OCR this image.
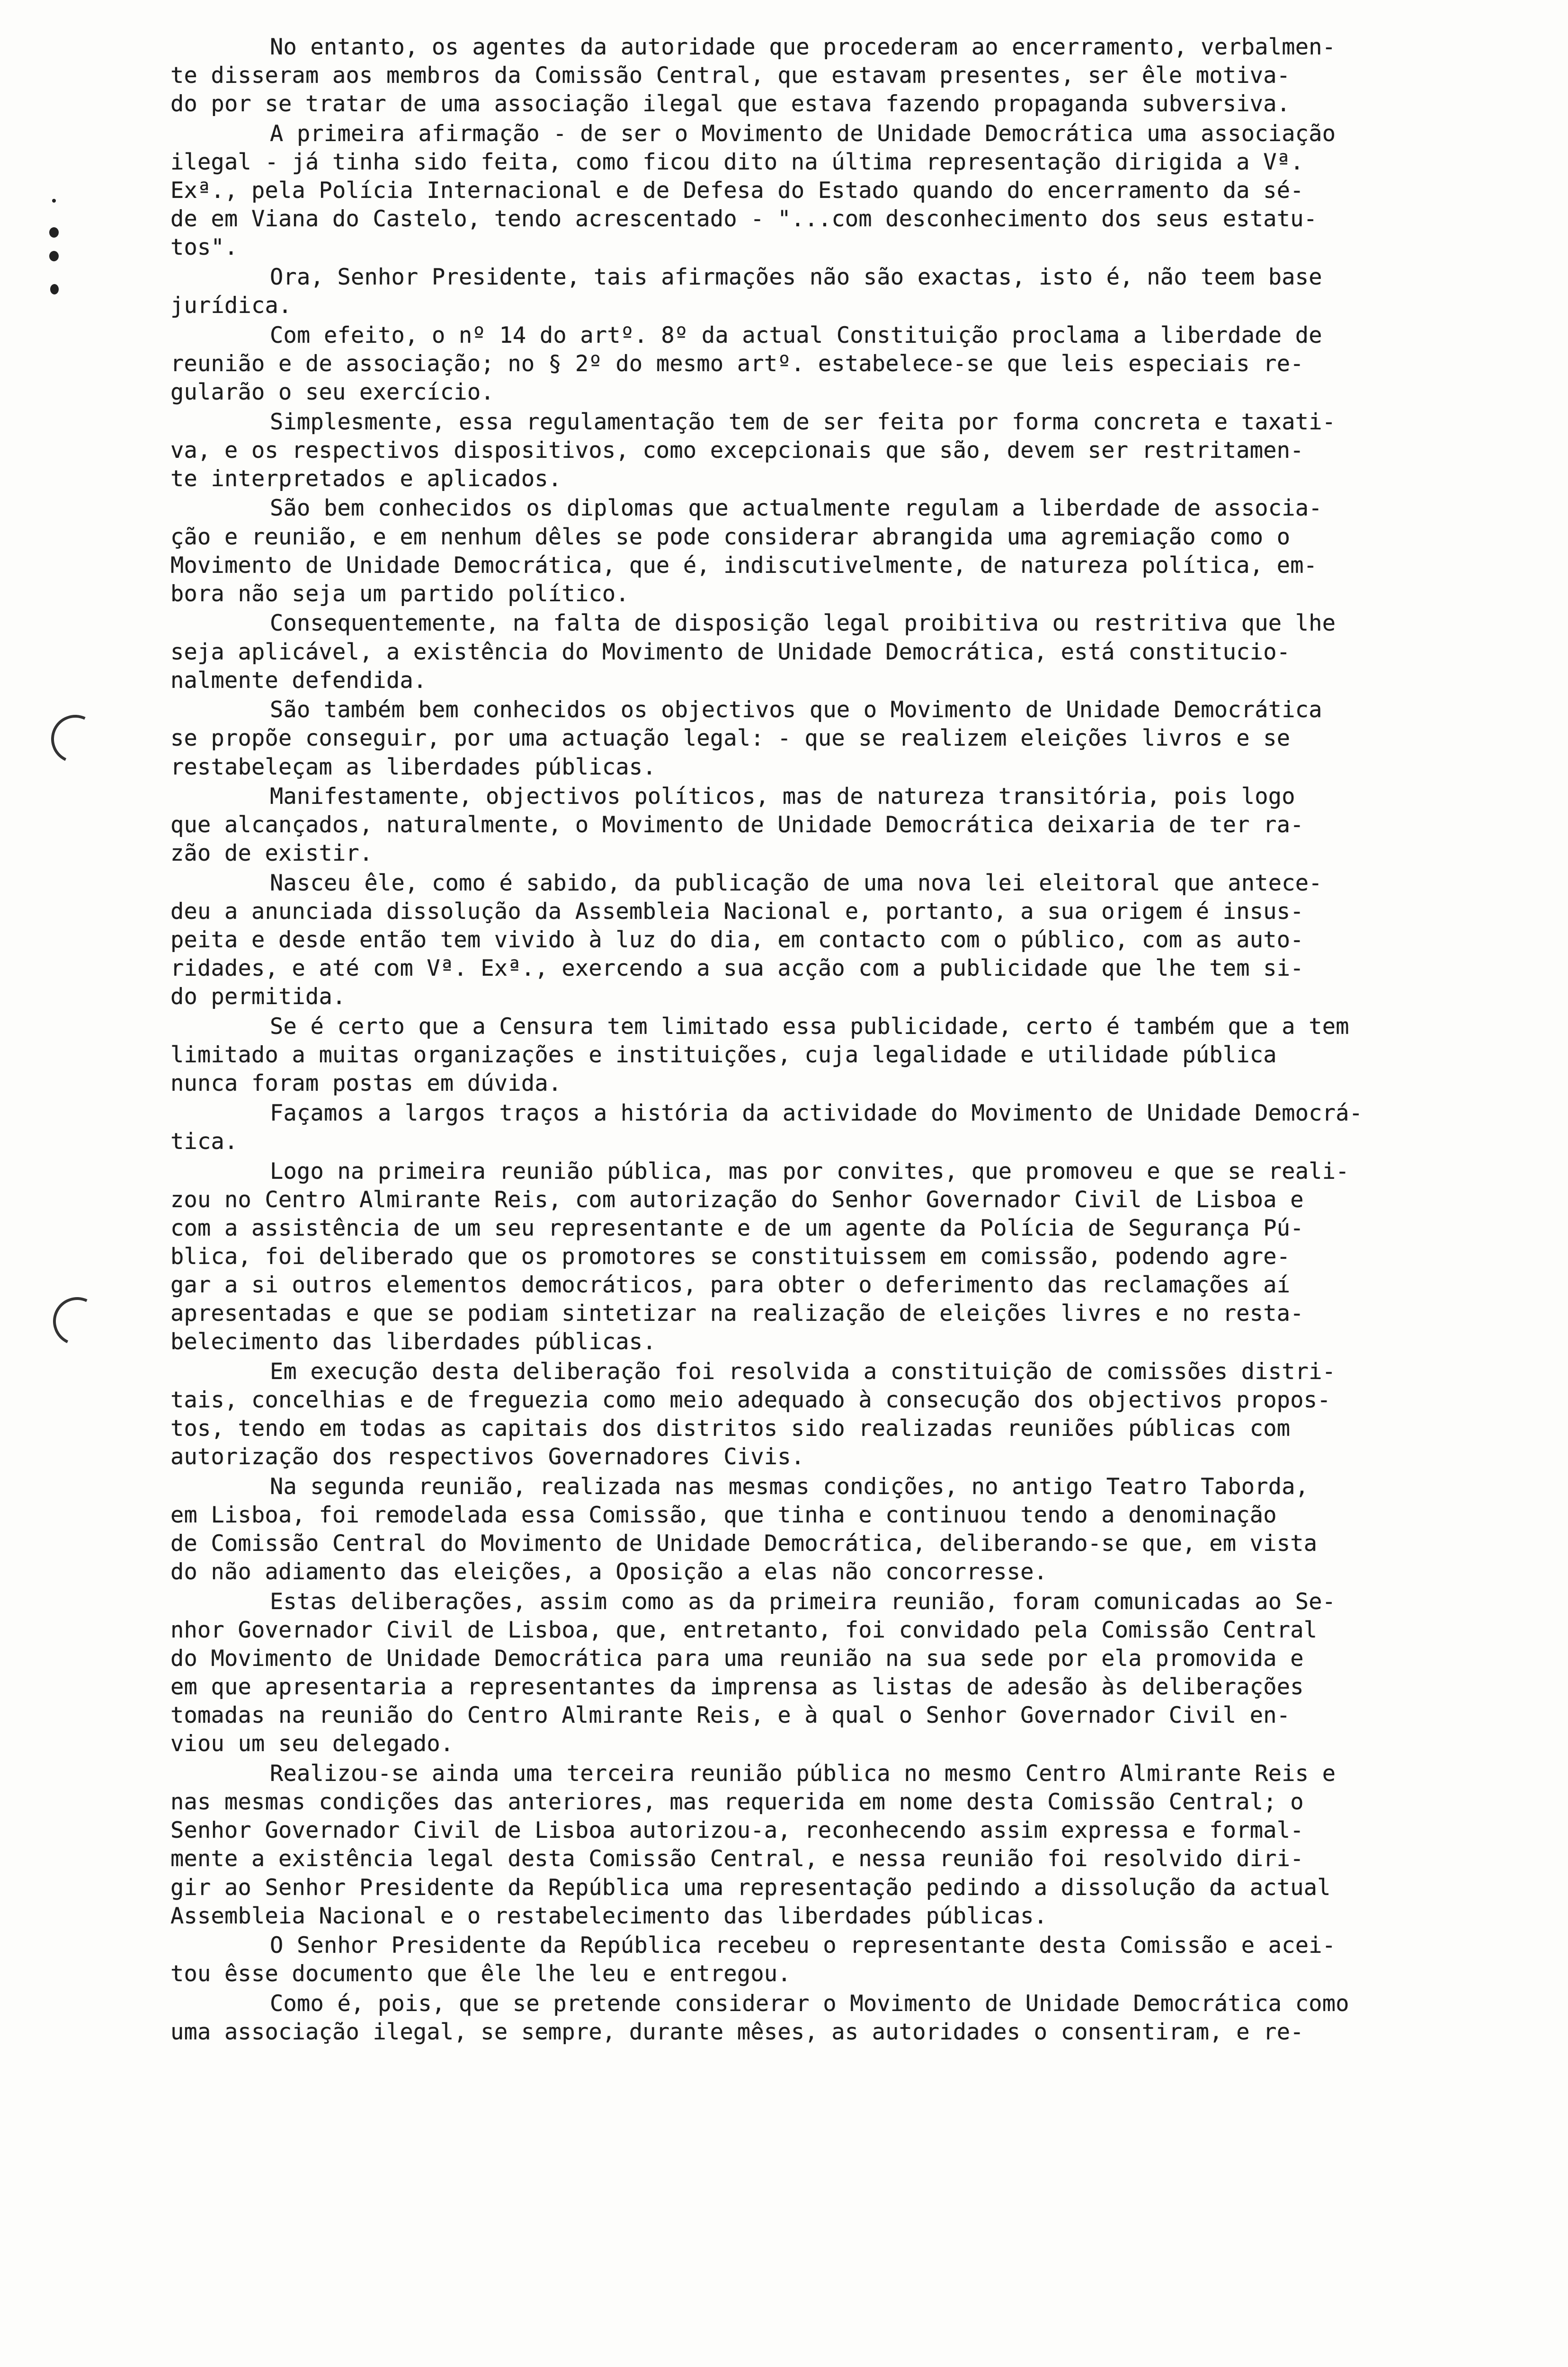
No entanto, os agentes da autoridade que procederam ao encerramento, verbalmen-
te disseram aos membros da Comissão Central, que estavam presentes, ser êle motiva-
do por se tratar de uma associação ilegal que estava fazendo propaganda subversiva.
A primeira afirmação - de ser o Movimento de Unidade Democrática uma associação
ilegal - já tinha sido feita, como ficou dito na última representação dirigida a Vª.
Exª., pela Polícia Internacional e de Defesa do Estado quando do encerramento da sé-
de em Viana do Castelo, tendo acrescentado - "...com desconhecimento dos seus estatu-
tos".
Ora, Senhor Presidente, tais afirmações não são exactas, isto é, não teem base
jurídica.
Com efeito, o nº 14 do artº. 8º da actual Constituição proclama a liberdade de
reunião e de associação; no § 2º do mesmo artº. estabelece-se que leis especiais re-
gularão o seu exercício.
Simplesmente, essa regulamentação tem de ser feita por forma concreta e taxati-
va, e os respectivos dispositivos, como excepcionais que são, devem ser restritamen-
te interpretados e aplicados.
São bem conhecidos os diplomas que actualmente regulam a liberdade de associa-
ção e reunião, e em nenhum dêles se pode considerar abrangida uma agremiação como o
Movimento de Unidade Democrática, que é, indiscutivelmente, de natureza política, em-
bora não seja um partido político.
Consequentemente, na falta de disposição legal proibitiva ou restritiva que lhe
seja aplicável, a existência do Movimento de Unidade Democrática, está constitucio-
nalmente defendida.
São também bem conhecidos os objectivos que o Movimento de Unidade Democrática
se propõe conseguir, por uma actuação legal: - que se realizem eleições livros e se
restabeleçam as liberdades públicas.
Manifestamente, objectivos políticos, mas de natureza transitória, pois logo
que alcançados, naturalmente, o Movimento de Unidade Democrática deixaria de ter ra-
zão de existir.
Nasceu êle, como é sabido, da publicação de uma nova lei eleitoral que antece-
deu a anunciada dissolução da Assembleia Nacional e, portanto, a sua origem é insus-
peita e desde então tem vivido à luz do dia, em contacto com o público, com as auto-
ridades, e até com Vª. Exª., exercendo a sua acção com a publicidade que lhe tem si-
do permitida.
Se é certo que a Censura tem limitado essa publicidade, certo é também que a tem
limitado a muitas organizações e instituições, cuja legalidade e utilidade pública
nunca foram postas em dúvida.
Façamos a largos traços a história da actividade do Movimento de Unidade Democrá-
tica.
Logo na primeira reunião pública, mas por convites, que promoveu e que se reali-
zou no Centro Almirante Reis, com autorização do Senhor Governador Civil de Lisboa e
com a assistência de um seu representante e de um agente da Polícia de Segurança Pú-
blica, foi deliberado que os promotores se constituissem em comissão, podendo agre-
gar a si outros elementos democráticos, para obter o deferimento das reclamações aí
apresentadas e que se podiam sintetizar na realização de eleições livres e no resta-
belecimento das liberdades públicas.
Em execução desta deliberação foi resolvida a constituição de comissões distri-
tais, concelhias e de freguezia como meio adequado à consecução dos objectivos propos-
tos, tendo em todas as capitais dos distritos sido realizadas reuniões públicas com
autorização dos respectivos Governadores Civis.
Na segunda reunião, realizada nas mesmas condições, no antigo Teatro Taborda,
em Lisboa, foi remodelada essa Comissão, que tinha e continuou tendo a denominação
de Comissão Central do Movimento de Unidade Democrática, deliberando-se que, em vista
do não adiamento das eleições, a Oposição a elas não concorresse.
Estas deliberações, assim como as da primeira reunião, foram comunicadas ao Se-
nhor Governador Civil de Lisboa, que, entretanto, foi convidado pela Comissão Central
do Movimento de Unidade Democrática para uma reunião na sua sede por ela promovida e
em que apresentaria a representantes da imprensa as listas de adesão às deliberações
tomadas na reunião do Centro Almirante Reis, e à qual o Senhor Governador Civil en-
viou um seu delegado.
Realizou-se ainda uma terceira reunião pública no mesmo Centro Almirante Reis e
nas mesmas condições das anteriores, mas requerida em nome desta Comissão Central; o
Senhor Governador Civil de Lisboa autorizou-a, reconhecendo assim expressa e formal-
mente a existência legal desta Comissão Central, e nessa reunião foi resolvido diri-
gir ao Senhor Presidente da República uma representação pedindo a dissolução da actual
Assembleia Nacional e o restabelecimento das liberdades públicas.
O Senhor Presidente da República recebeu o representante desta Comissão e acei-
tou êsse documento que êle lhe leu e entregou.
Como é, pois, que se pretende considerar o Movimento de Unidade Democrática como
uma associação ilegal, se sempre, durante mêses, as autoridades o consentiram, e re-
